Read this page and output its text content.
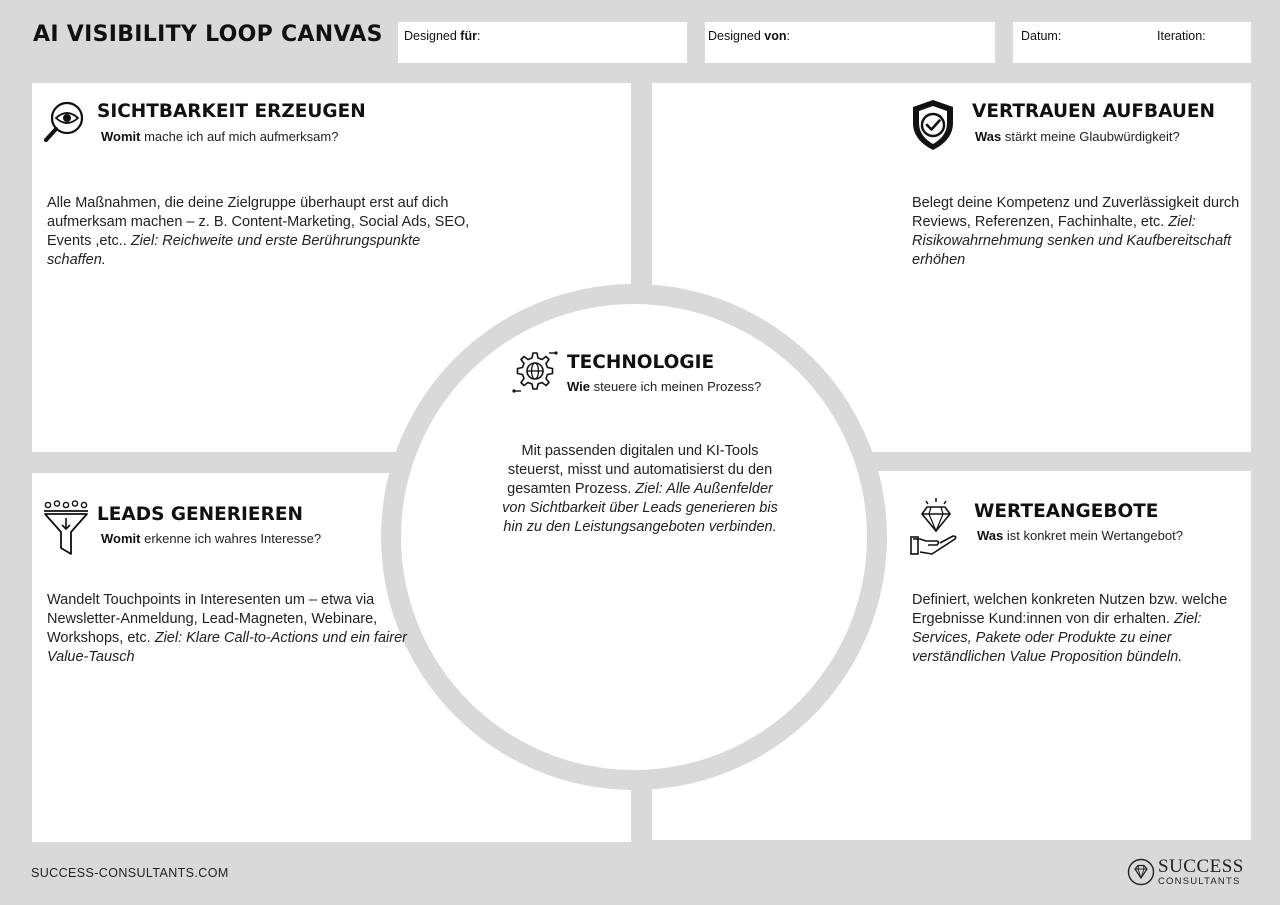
AI VISIBILITY LOOP CANVAS Designed für:	Designed von:	Datum:	Iteration:
SICHTBARKEIT ERZEUGEN
Womit mache ich auf mich aufmerksam?
Alle Maßnahmen, die deine Zielgruppe überhaupt erst auf dich aufmerksam machen – z. B. Content-Marketing, Social Ads, SEO, Events ,etc.. Ziel: Reichweite und erste Berührungspunkte schaffen.
VERTRAUEN AUFBAUEN
Was stärkt meine Glaubwürdigkeit?
Belegt deine Kompetenz und Zuverlässigkeit durch Reviews, Referenzen, Fachinhalte, etc. Ziel: Risikowahrnehmung senken und Kaufbereitschaft erhöhen
TECHNOLOGIE
Wie steuere ich meinen Prozess?
Mit passenden digitalen und KI-Tools steuerst, misst und automatisierst du den gesamten Prozess. Ziel: Alle Außenfelder von Sichtbarkeit über Leads generieren bis hin zu den Leistungsangeboten verbinden.
LEADS GENERIEREN
Womit erkenne ich wahres Interesse?
Wandelt Touchpoints in Interesenten um – etwa via Newsletter-Anmeldung, Lead-Magneten, Webinare, Workshops, etc. Ziel: Klare Call-to-Actions und ein fairer Value-Tausch
WERTEANGEBOTE
Was ist konkret mein Wertangebot?
Definiert, welchen konkreten Nutzen bzw. welche Ergebnisse Kund:innen von dir erhalten. Ziel: Services, Pakete oder Produkte zu einer verständlichen Value Proposition bündeln.
SUCCESS-CONSULTANTS.COM	SUCCESS
CONSULTANTS
